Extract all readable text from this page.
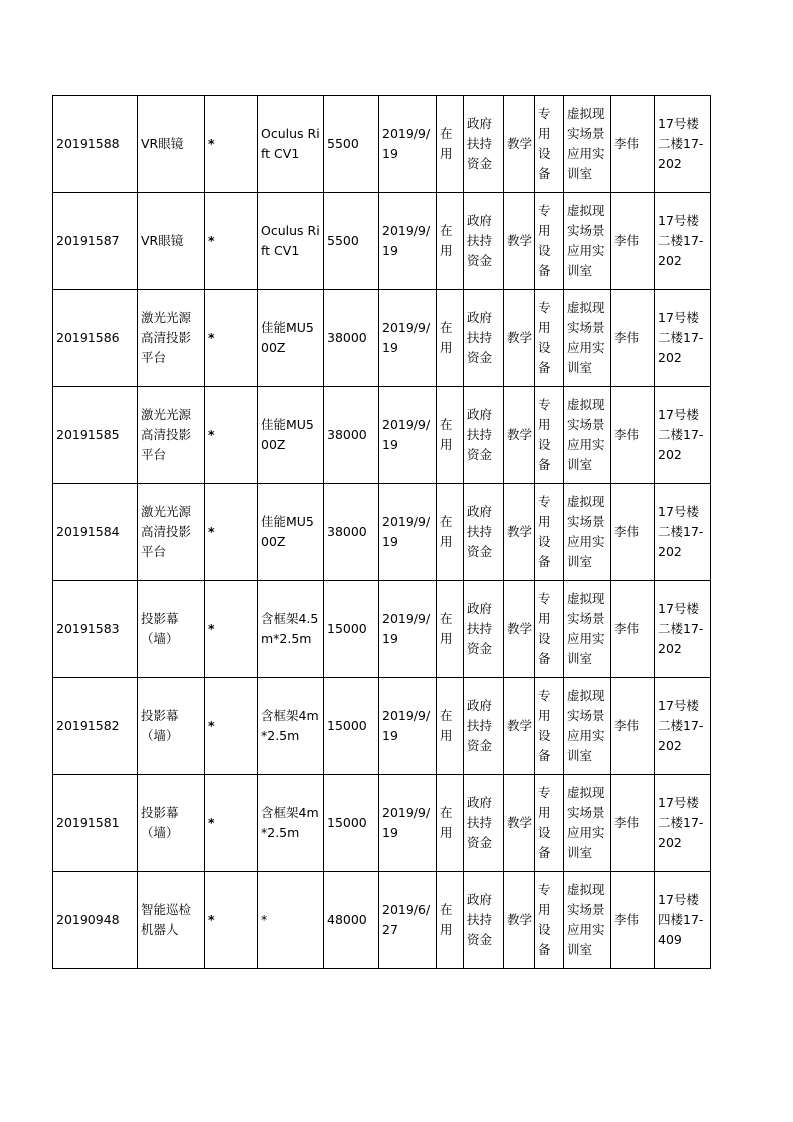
20191588	VR眼镜	*	Oculus Rift CV1	5500	2019/9/19	在用	政府扶持资金	教学	专用设备	虚拟现实场景应用实训室	李伟	17号楼二楼17-202
20191587	VR眼镜	*	Oculus Rift CV1	5500	2019/9/19	在用	政府扶持资金	教学	专用设备	虚拟现实场景应用实训室	李伟	17号楼二楼17-202
20191586	激光光源高清投影平台	*	佳能MU500Z	38000	2019/9/19	在用	政府扶持资金	教学	专用设备	虚拟现实场景应用实训室	李伟	17号楼二楼17-202
20191585	激光光源高清投影平台	*	佳能MU500Z	38000	2019/9/19	在用	政府扶持资金	教学	专用设备	虚拟现实场景应用实训室	李伟	17号楼二楼17-202
20191584	激光光源高清投影平台	*	佳能MU500Z	38000	2019/9/19	在用	政府扶持资金	教学	专用设备	虚拟现实场景应用实训室	李伟	17号楼二楼17-202
20191583	投影幕（墙）	*	含框架4.5m*2.5m	15000	2019/9/19	在用	政府扶持资金	教学	专用设备	虚拟现实场景应用实训室	李伟	17号楼二楼17-202
20191582	投影幕（墙）	*	含框架4m*2.5m	15000	2019/9/19	在用	政府扶持资金	教学	专用设备	虚拟现实场景应用实训室	李伟	17号楼二楼17-202
20191581	投影幕（墙）	*	含框架4m*2.5m	15000	2019/9/19	在用	政府扶持资金	教学	专用设备	虚拟现实场景应用实训室	李伟	17号楼二楼17-202
20190948	智能巡检机器人	*	*	48000	2019/6/27	在用	政府扶持资金	教学	专用设备	虚拟现实场景应用实训室	李伟	17号楼四楼17-409
